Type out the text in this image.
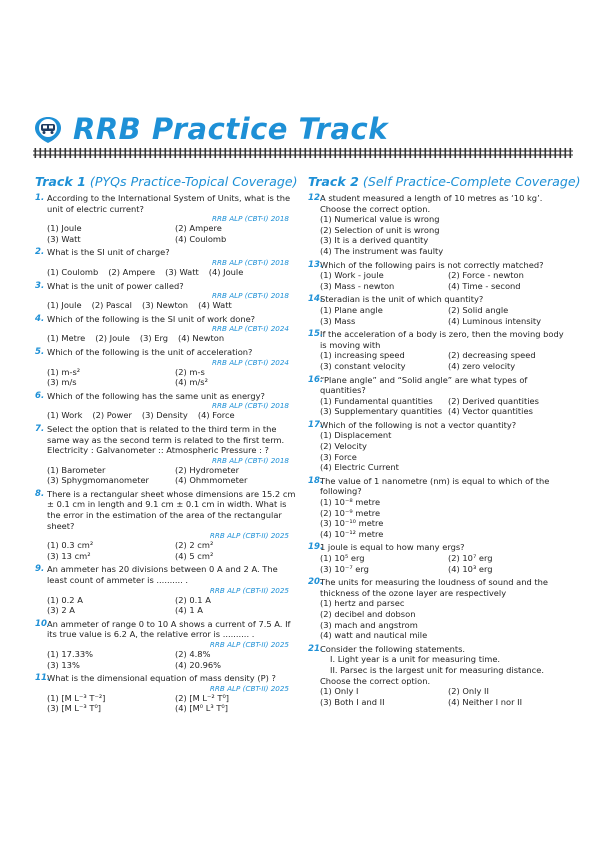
RRB Practice Track
Track 1 (PYQs Practice-Topical Coverage)
1. According to the International System of Units, what is the unit of electric current?
RRB ALP (CBT-I) 2018
(1) Joule	(2) Ampere
(3) Watt	(4) Coulomb
2. What is the SI unit of charge?
RRB ALP (CBT-I) 2018
(1) Coulomb (2) Ampere (3) Watt (4) Joule
3. What is the unit of power called?
RRB ALP (CBT-I) 2018
(1) Joule (2) Pascal (3) Newton (4) Watt
4. Which of the following is the SI unit of work done?
RRB ALP (CBT-I) 2024
(1) Metre (2) Joule (3) Erg (4) Newton
5. Which of the following is the unit of acceleration?
RRB ALP (CBT-I) 2024
(1) m-s²	(2) m-s
(3) m/s	(4) m/s²
6. Which of the following has the same unit as energy?
RRB ALP (CBT-I) 2018
(1) Work (2) Power (3) Density (4) Force
7. Select the option that is related to the third term in the same way as the second term is related to the first term. Electricity : Galvanometer :: Atmospheric Pressure : ?
RRB ALP (CBT-I) 2018
(1) Barometer	(2) Hydrometer
(3) Sphygmomanometer	(4) Ohmmometer
8. There is a rectangular sheet whose dimensions are 15.2 cm ± 0.1 cm in length and 9.1 cm ± 0.1 cm in width. What is the error in the estimation of the area of the rectangular sheet?
RRB ALP (CBT-II) 2025
(1) 0.3 cm²	(2) 2 cm²
(3) 13 cm²	(4) 5 cm²
9. An ammeter has 20 divisions between 0 A and 2 A. The least count of ammeter is .......... .
RRB ALP (CBT-II) 2025
(1) 0.2 A	(2) 0.1 A
(3) 2 A	(4) 1 A
10.
An ammeter of range 0 to 10 A shows a current of 7.5 A. If its true value is 6.2 A, the relative error is .......... .
RRB ALP (CBT-II) 2025
(1) 17.33%	(2) 4.8%
(3) 13%	(4) 20.96%
11.
What is the dimensional equation of mass density (P) ?
RRB ALP (CBT-II) 2025
(1) [M L⁻³ T⁻²]	(2) [M L⁻² T⁰]
(3) [M L⁻³ T⁰]	(4) [M⁰ L³ T⁰]
Track 2 (Self Practice-Complete Coverage)
12.
A student measured a length of 10 metres as ‘10 kg’. Choose the correct option.
(1) Numerical value is wrong
(2) Selection of unit is wrong
(3) It is a derived quantity
(4) The instrument was faulty
13.
Which of the following pairs is not correctly matched?
(1) Work - joule	(2) Force - newton
(3) Mass - newton	(4) Time - second
14.
Steradian is the unit of which quantity?
(1) Plane angle	(2) Solid angle
(3) Mass	(4) Luminous intensity
15.
If the acceleration of a body is zero, then the moving body is moving with
(1) increasing speed	(2) decreasing speed
(3) constant velocity	(4) zero velocity
16.
“Plane angle” and “Solid angle” are what types of quantities?
(1) Fundamental quantities	(2) Derived quantities
(3) Supplementary quantities (4) Vector quantities
17.
Which of the following is not a vector quantity?
(1) Displacement
(2) Velocity
(3) Force
(4) Electric Current
18.
The value of 1 nanometre (nm) is equal to which of the following?
(1) 10⁻⁸ metre
(2) 10⁻⁹ metre
(3) 10⁻¹⁰ metre
(4) 10⁻¹² metre
19.
1 joule is equal to how many ergs?
(1) 10⁵ erg	(2) 10⁷ erg
(3) 10⁻⁷ erg	(4) 10³ erg
20.
The units for measuring the loudness of sound and the thickness of the ozone layer are respectively
(1) hertz and parsec
(2) decibel and dobson
(3) mach and angstrom
(4) watt and nautical mile
21.
Consider the following statements.
I. Light year is a unit for measuring time.
II. Parsec is the largest unit for measuring distance.
Choose the correct option.
(1) Only I	(2) Only II
(3) Both I and II	(4) Neither I nor II
